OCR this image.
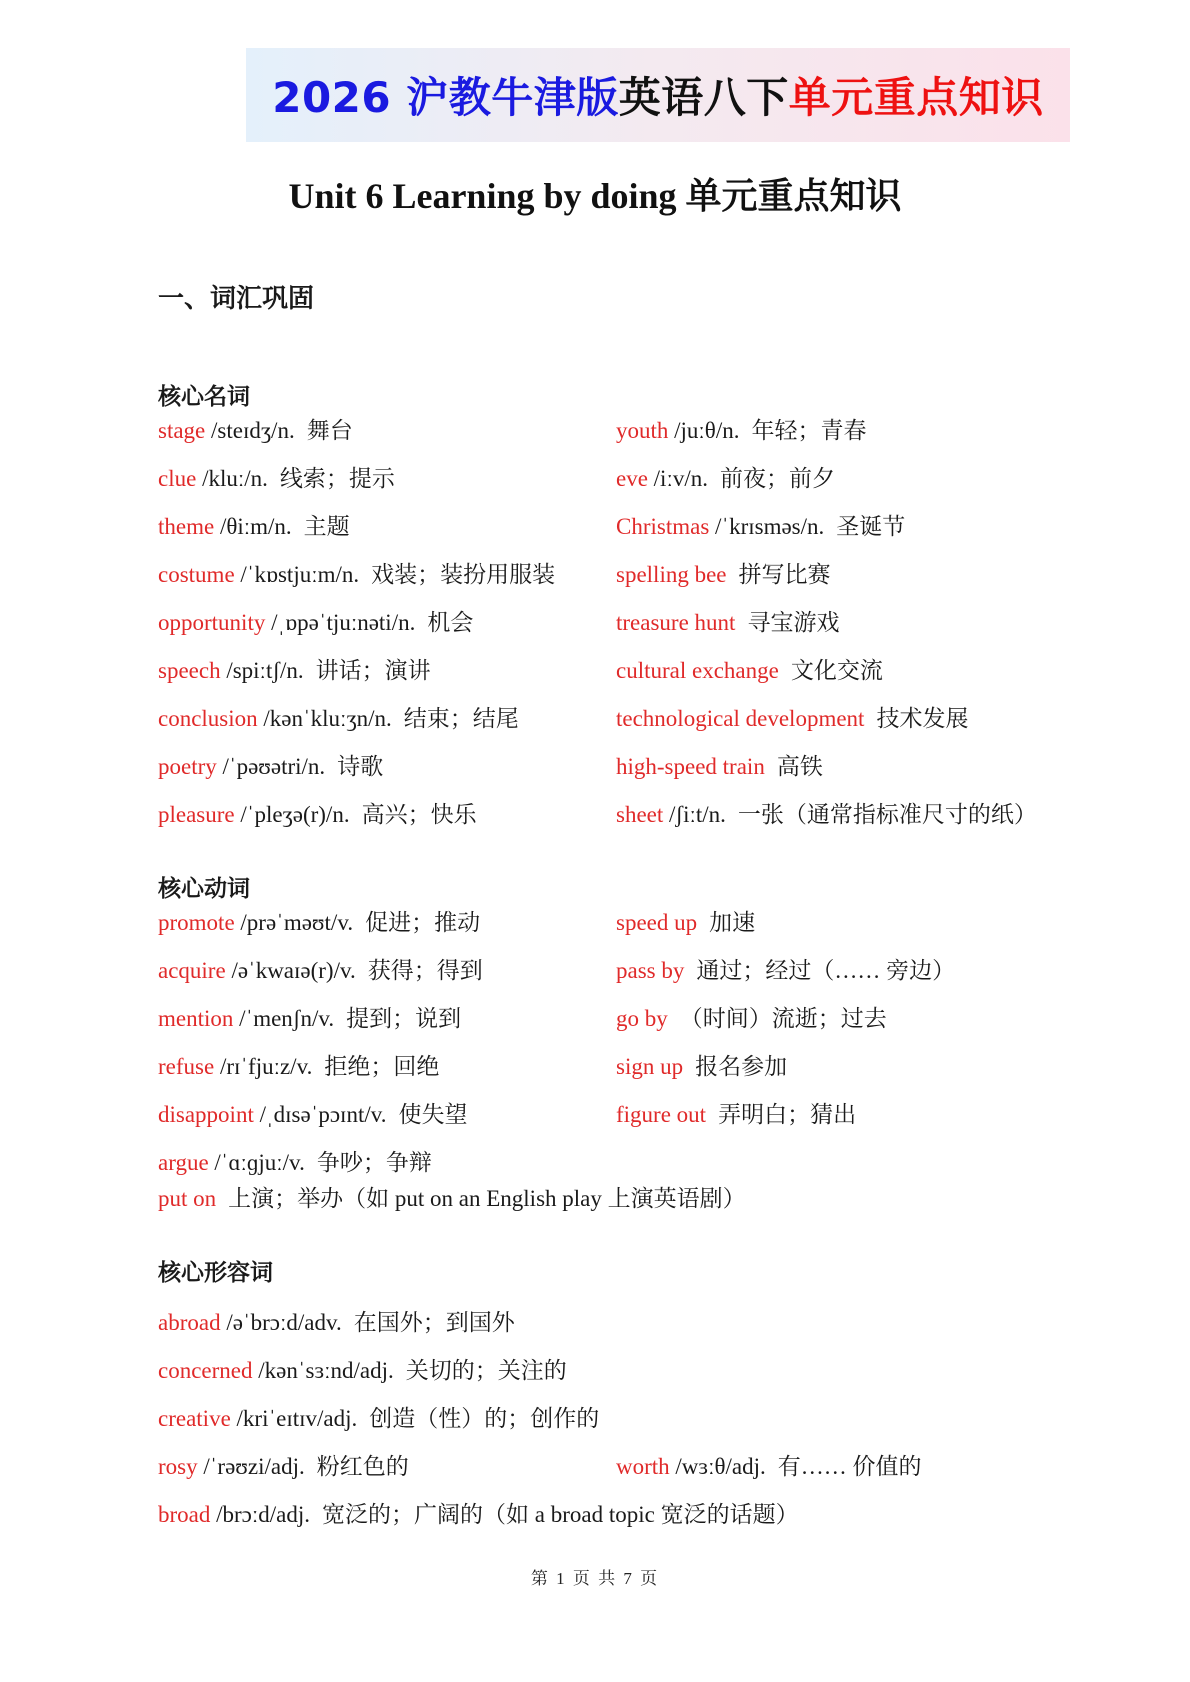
2026 沪教牛津版 英语八下 单元重点知识
Unit 6 Learning by doing 单元重点知识
一、词汇巩固
核心名词
stage /steɪdʒ/n. 舞台
clue /kluː/n. 线索；提示
theme /θiːm/n. 主题
costume /ˈkɒstjuːm/n. 戏装；装扮用服装
opportunity /ˌɒpəˈtjuːnəti/n. 机会
speech /spiːtʃ/n. 讲话；演讲
conclusion /kənˈkluːʒn/n. 结束；结尾
poetry /ˈpəʊətri/n. 诗歌
pleasure /ˈpleʒə(r)/n. 高兴；快乐
youth /juːθ/n. 年轻；青春
eve /iːv/n. 前夜；前夕
Christmas /ˈkrɪsməs/n. 圣诞节
spelling bee 拼写比赛
treasure hunt 寻宝游戏
cultural exchange 文化交流
technological development 技术发展
high-speed train 高铁
sheet /ʃiːt/n. 一张（通常指标准尺寸的纸）
核心动词
promote /prəˈməʊt/v. 促进；推动
acquire /əˈkwaɪə(r)/v. 获得；得到
mention /ˈmenʃn/v. 提到；说到
refuse /rɪˈfjuːz/v. 拒绝；回绝
disappoint /ˌdɪsəˈpɔɪnt/v. 使失望
argue /ˈɑːɡjuː/v. 争吵；争辩
put on 上演；举办（如 put on an English play 上演英语剧）
speed up 加速
pass by 通过；经过（…… 旁边）
go by （时间）流逝；过去
sign up 报名参加
figure out 弄明白；猜出
核心形容词
abroad /əˈbrɔːd/adv. 在国外；到国外
concerned /kənˈsɜːnd/adj. 关切的；关注的
creative /kriˈeɪtɪv/adj. 创造（性）的；创作的
rosy /ˈrəʊzi/adj. 粉红色的	worth /wɜːθ/adj. 有…… 价值的
broad /brɔːd/adj. 宽泛的；广阔的（如 a broad topic 宽泛的话题）
第 1 页 共 7 页
